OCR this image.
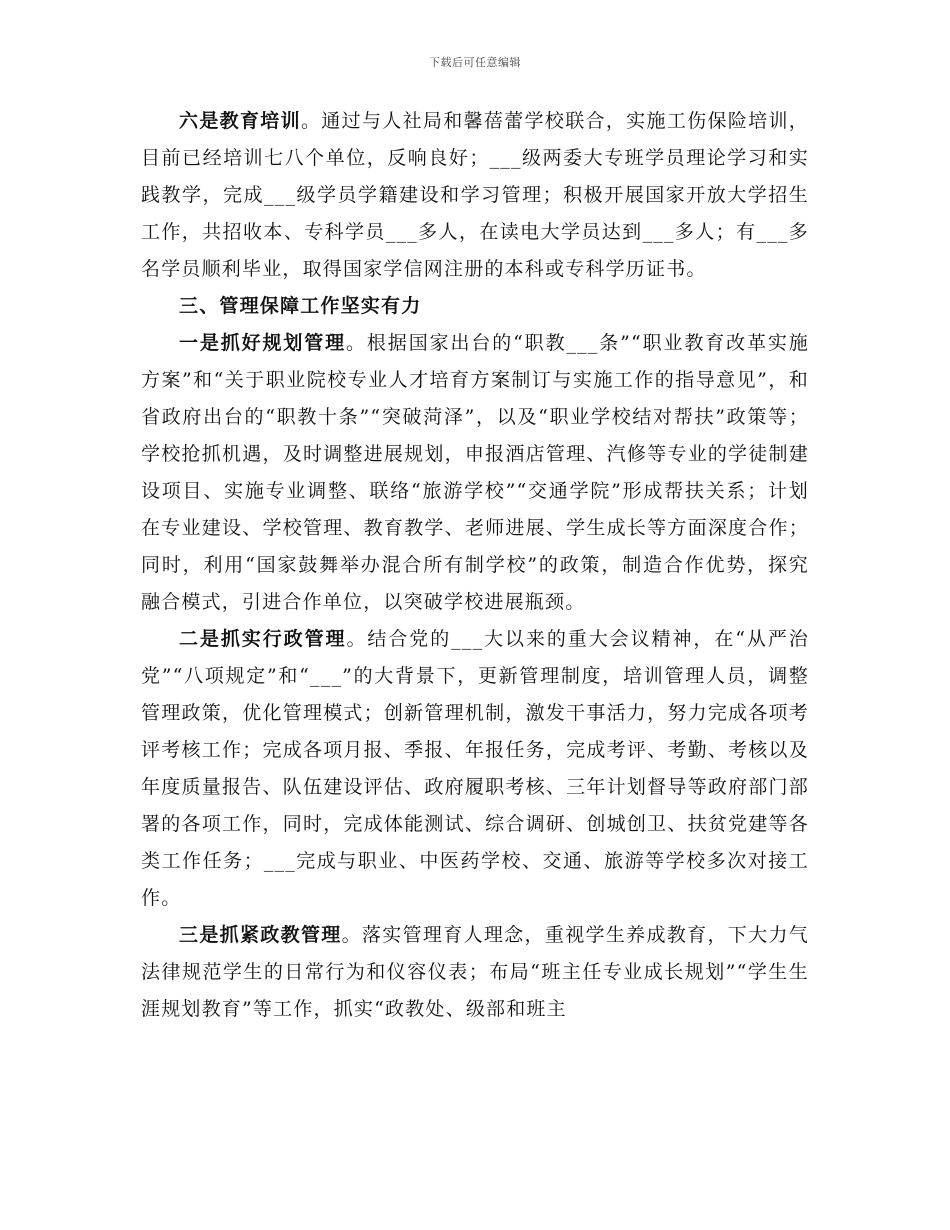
下载后可任意编辑

六是教育培训。通过与人社局和馨蓓蕾学校联合，实施工伤保险培训，目前已经培训七八个单位，反响良好；___级两委大专班学员理论学习和实践教学，完成___级学员学籍建设和学习管理；积极开展国家开放大学招生工作，共招收本、专科学员___多人，在读电大学员达到___多人；有___多名学员顺利毕业，取得国家学信网注册的本科或专科学历证书。

三、管理保障工作坚实有力

一是抓好规划管理。根据国家出台的“职教___条”“职业教育改革实施方案”和“关于职业院校专业人才培育方案制订与实施工作的指导意见”，和省政府出台的“职教十条”“突破菏泽”，以及“职业学校结对帮扶”政策等；学校抢抓机遇，及时调整进展规划，申报酒店管理、汽修等专业的学徒制建设项目、实施专业调整、联络“旅游学校”“交通学院”形成帮扶关系；计划在专业建设、学校管理、教育教学、老师进展、学生成长等方面深度合作；同时，利用“国家鼓舞举办混合所有制学校”的政策，制造合作优势，探究融合模式，引进合作单位，以突破学校进展瓶颈。

二是抓实行政管理。结合党的___大以来的重大会议精神，在“从严治党”“八项规定”和“___”的大背景下，更新管理制度，培训管理人员，调整管理政策，优化管理模式；创新管理机制，激发干事活力，努力完成各项考评考核工作；完成各项月报、季报、年报任务，完成考评、考勤、考核以及年度质量报告、队伍建设评估、政府履职考核、三年计划督导等政府部门部署的各项工作，同时，完成体能测试、综合调研、创城创卫、扶贫党建等各类工作任务；___完成与职业、中医药学校、交通、旅游等学校多次对接工作。

三是抓紧政教管理。落实管理育人理念，重视学生养成教育，下大力气法律规范学生的日常行为和仪容仪表；布局“班主任专业成长规划”“学生生涯规划教育”等工作，抓实“政教处、级部和班主
